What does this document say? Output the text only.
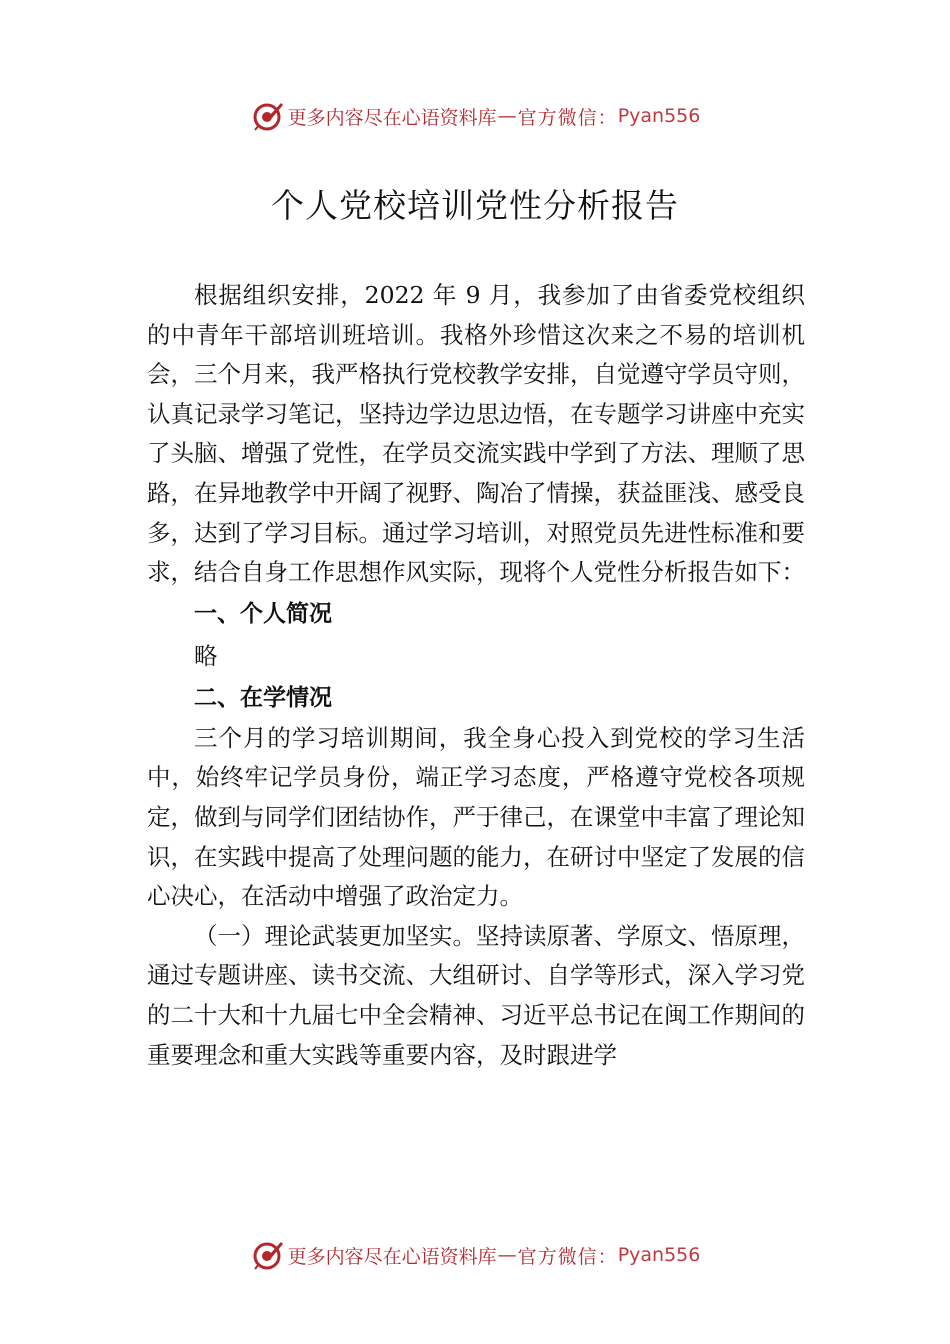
更多内容尽在心语资料库 — 官方微信： Pyan556
个人党校培训党性分析报告

根据组织安排，2022 年 9 月，我参加了由省委党校组织的中青年干部培训班培训。我格外珍惜这次来之不易的培训机会，三个月来，我严格执行党校教学安排，自觉遵守学员守则，认真记录学习笔记，坚持边学边思边悟，在专题学习讲座中充实了头脑、增强了党性，在学员交流实践中学到了方法、理顺了思路，在异地教学中开阔了视野、陶冶了情操，获益匪浅、感受良多，达到了学习目标。通过学习培训，对照党员先进性标准和要求，结合自身工作思想作风实际，现将个人党性分析报告如下：

一、个人简况

略

二、在学情况

三个月的学习培训期间，我全身心投入到党校的学习生活中，始终牢记学员身份，端正学习态度，严格遵守党校各项规定，做到与同学们团结协作，严于律己，在课堂中丰富了理论知识，在实践中提高了处理问题的能力，在研讨中坚定了发展的信心决心，在活动中增强了政治定力。

（一）理论武装更加坚实。坚持读原著、学原文、悟原理，通过专题讲座、读书交流、大组研讨、自学等形式，深入学习党的二十大和十九届七中全会精神、习近平总书记在闽工作期间的重要理念和重大实践等重要内容，及时跟进学

更多内容尽在心语资料库 — 官方微信： Pyan556
